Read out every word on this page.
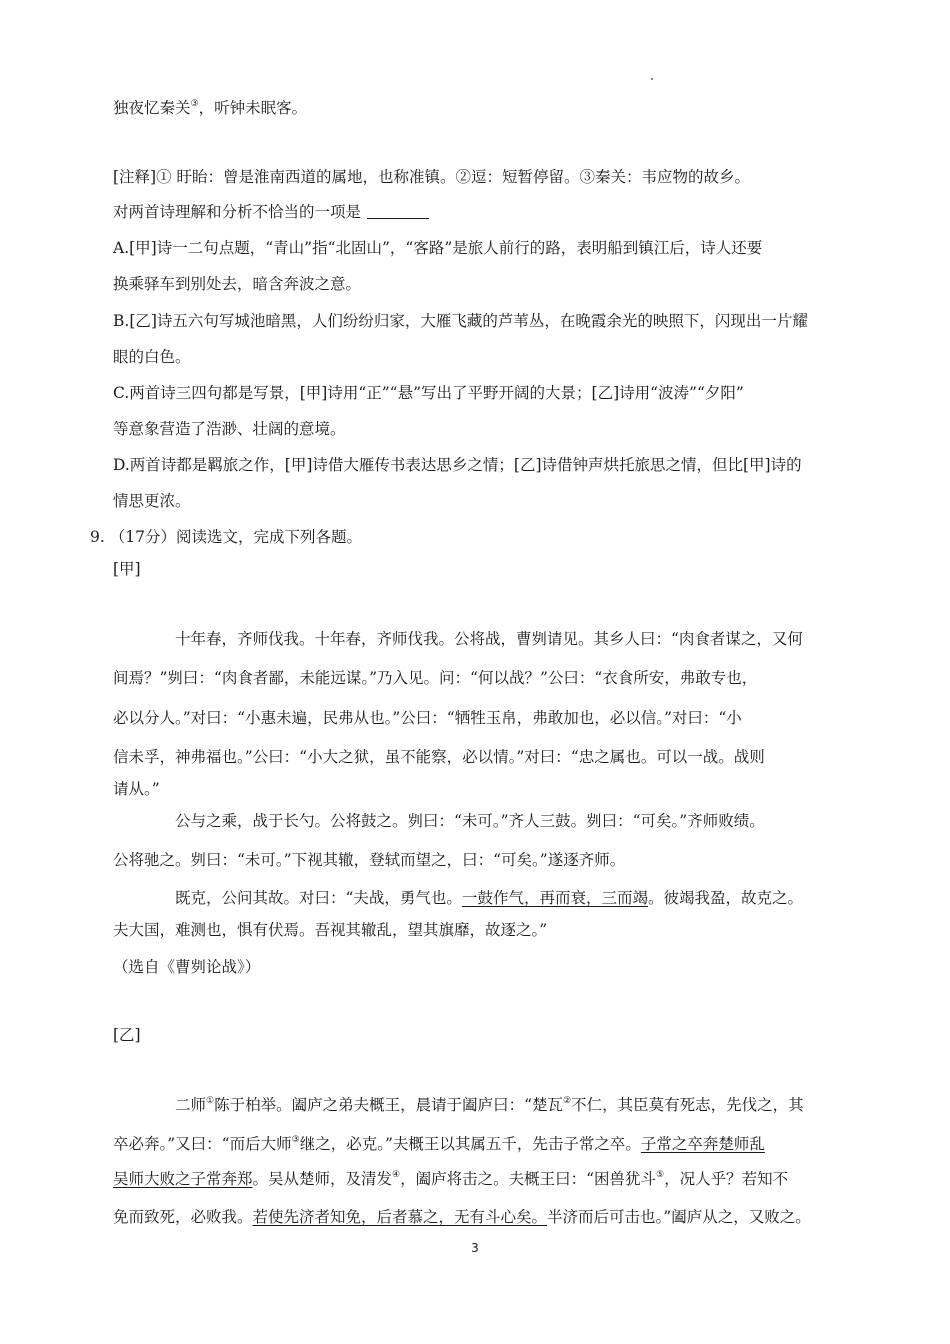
独夜忆秦关③，听钟未眠客。
[注释]① 盱眙：曾是淮南西道的属地，也称准镇。②逗：短暂停留。③秦关：韦应物的故乡。
对两首诗理解和分析不恰当的一项是
A.[甲]诗一二句点题，“青山”指“北固山”，“客路”是旅人前行的路，表明船到镇江后，诗人还要
换乘驿车到别处去，暗含奔波之意。
B.[乙]诗五六句写城池暗黑，人们纷纷归家，大雁飞藏的芦苇丛，在晚霞余光的映照下，闪现出一片耀
眼的白色。
C.两首诗三四句都是写景，[甲]诗用“正”“悬”写出了平野开阔的大景；[乙]诗用“波涛”“夕阳”
等意象营造了浩渺、壮阔的意境。
D.两首诗都是羁旅之作，[甲]诗借大雁传书表达思乡之情；[乙]诗借钟声烘托旅思之情，但比[甲]诗的
情思更浓。
9. （17分）阅读选文，完成下列各题。
[甲]
十年春，齐师伐我。十年春，齐师伐我。公将战，曹刿请见。其乡人曰：“肉食者谋之，又何
间焉？”刿曰：“肉食者鄙，未能远谋。”乃入见。问：“何以战？”公曰：“衣食所安，弗敢专也，
必以分人。”对曰：“小惠未遍，民弗从也。”公曰：“牺牲玉帛，弗敢加也，必以信。”对曰：“小
信未孚，神弗福也。”公曰：“小大之狱，虽不能察，必以情。”对曰：“忠之属也。可以一战。战则
请从。”
公与之乘，战于长勺。公将鼓之。刿曰：“未可。”齐人三鼓。刿曰：“可矣。”齐师败绩。
公将驰之。刿曰：“未可。”下视其辙，登轼而望之，曰：“可矣。”遂逐齐师。
既克，公问其故。对曰：“夫战，勇气也。一鼓作气，再而衰，三而竭。彼竭我盈，故克之。
夫大国，难测也，惧有伏焉。吾视其辙乱，望其旗靡，故逐之。”
（选自《曹刿论战》）
[乙]
二师①陈于柏举。阖庐之弟夫概王，晨请于阖庐曰：“楚瓦②不仁，其臣莫有死志，先伐之，其
卒必奔。”又曰：“而后大师③继之，必克。”夫概王以其属五千，先击子常之卒。子常之卒奔楚师乱
吴师大败之子常奔郑。吴从楚师，及清发④，阖庐将击之。夫概王曰：“困兽犹斗⑤，况人乎？若知不
免而致死，必败我。若使先济者知免，后者慕之，无有斗心矣。半济而后可击也。”阖庐从之，又败之。
3
